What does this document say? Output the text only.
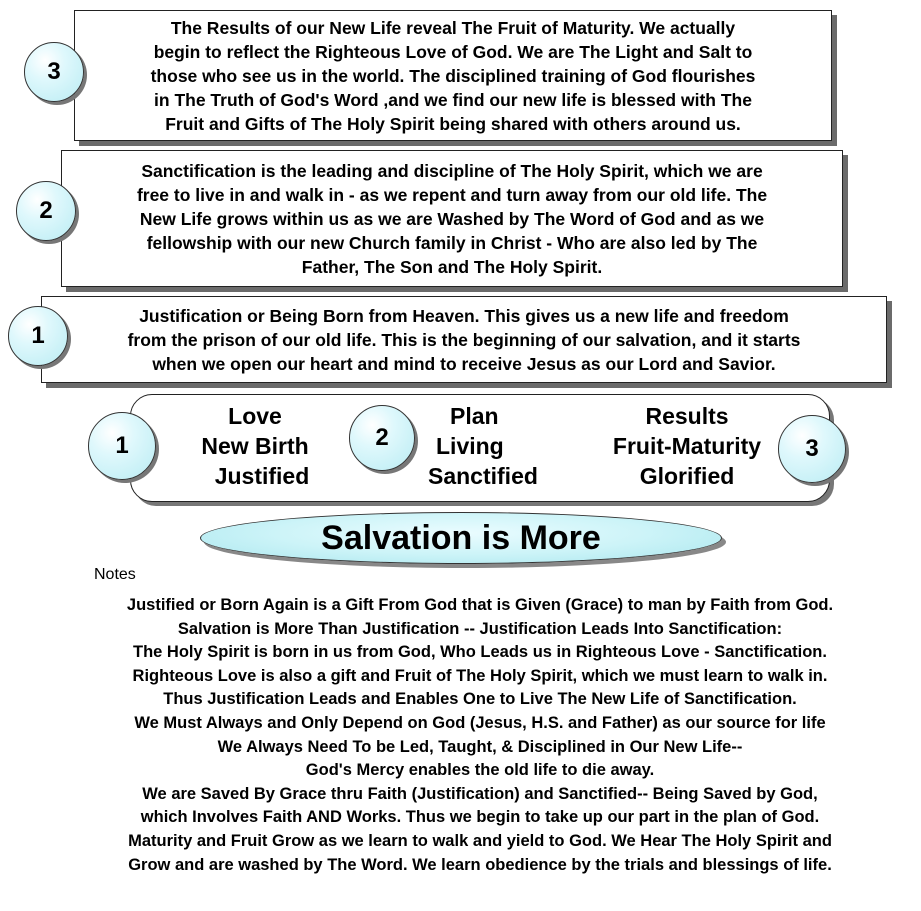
The Results of our New Life reveal The Fruit of Maturity. We actually
begin to reflect the Righteous Love of God. We are The Light and Salt to
those who see us in the world. The disciplined training of God flourishes
in The Truth of God's Word ,and we find our new life is blessed with The
Fruit and Gifts of The Holy Spirit being shared with others around us.
3
Sanctification is the leading and discipline of The Holy Spirit, which we are
free to live in and walk in - as we repent and turn away from our old life. The
New Life grows within us as we are Washed by The Word of God and as we
fellowship with our new Church family in Christ - Who are also led by The
Father, The Son and The Holy Spirit.
2
Justification or Being Born from Heaven. This gives us a new life and freedom
from the prison of our old life. This is the beginning of our salvation, and it starts
when we open our heart and mind to receive Jesus as our Lord and Savior.
1
1
Love
New Birth
Justified
2
Plan
Living
Sanctified
Results
Fruit-Maturity
Glorified
3
Salvation is More
Notes
Justified or Born Again is a Gift From God that is Given (Grace) to man by Faith from God.
Salvation is More Than Justification -- Justification Leads Into Sanctification:
The Holy Spirit is born in us from God, Who Leads us in Righteous Love - Sanctification.
Righteous Love is also a gift and Fruit of The Holy Spirit, which we must learn to walk in.
Thus Justification Leads and Enables One to Live The New Life of Sanctification.
We Must Always and Only Depend on God (Jesus, H.S. and Father) as our source for life
We Always Need To be Led, Taught, & Disciplined in Our New Life--
God's Mercy enables the old life to die away.
We are Saved By Grace thru Faith (Justification) and Sanctified-- Being Saved by God,
which Involves Faith AND Works. Thus we begin to take up our part in the plan of God.
Maturity and Fruit Grow as we learn to walk and yield to God. We Hear The Holy Spirit and
Grow and are washed by The Word. We learn obedience by the trials and blessings of life.
